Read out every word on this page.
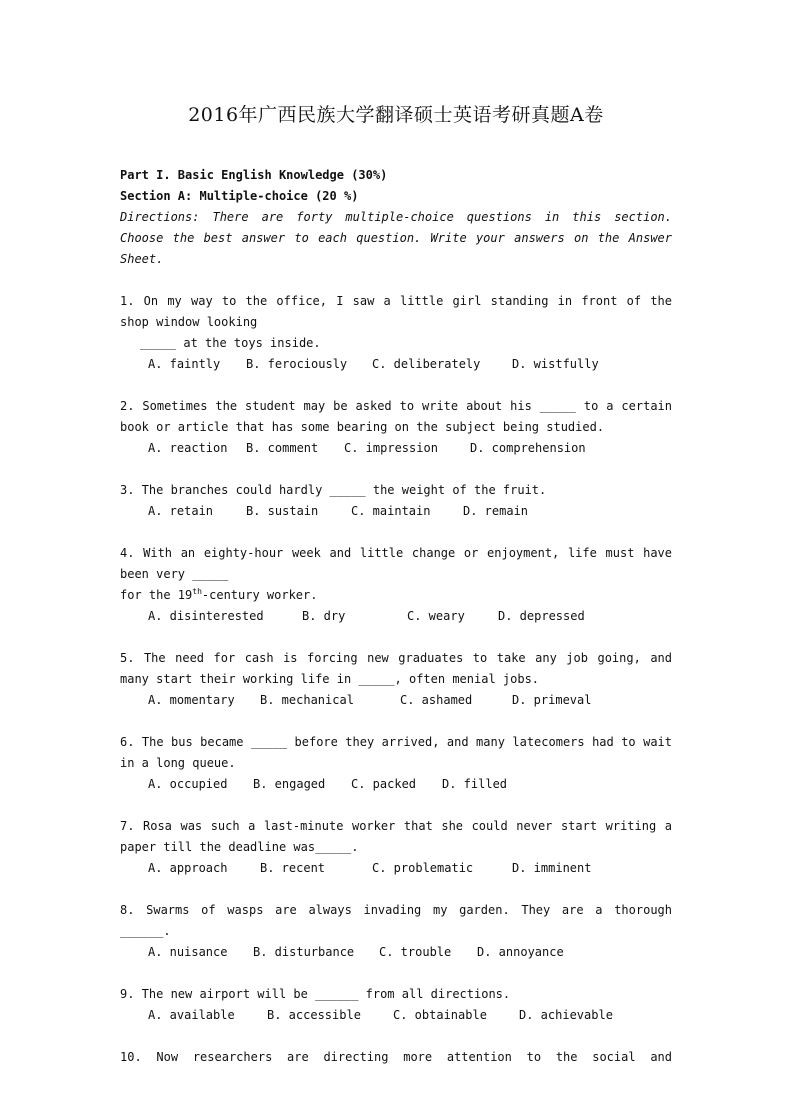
2016年广西民族大学翻译硕士英语考研真题A卷
Part I. Basic English Knowledge (30%)
Section A: Multiple-choice (20 %)
Directions: There are forty multiple-choice questions in this section. Choose the best answer to each question. Write your answers on the Answer Sheet.
1. On my way to the office, I saw a little girl standing in front of the shop window looking
_____ at the toys inside.
A. faintly	B. ferociously	C. deliberately	D. wistfully
2. Sometimes the student may be asked to write about his _____ to a certain book or article that has some bearing on the subject being studied.
A. reaction	B. comment	C. impression	D. comprehension
3. The branches could hardly _____ the weight of the fruit.
A. retain	B. sustain	C. maintain	D. remain
4. With an eighty-hour week and little change or enjoyment, life must have been very _____
for the 19th-century worker.
A. disinterested	B. dry	C. weary	D. depressed
5. The need for cash is forcing new graduates to take any job going, and many start their working life in _____, often menial jobs.
A. momentary	B. mechanical	C. ashamed	D. primeval
6. The bus became _____ before they arrived, and many latecomers had to wait in a long queue.
A. occupied	B. engaged	C. packed	D. filled
7. Rosa was such a last-minute worker that she could never start writing a paper till the deadline was_____.
A. approach	B. recent	C. problematic	D. imminent
8. Swarms of wasps are always invading my garden. They are a thorough ______.
A. nuisance	B. disturbance	C. trouble	D. annoyance
9. The new airport will be ______ from all directions.
A. available	B. accessible	C. obtainable	D. achievable
10. Now researchers are directing more attention to the social and
